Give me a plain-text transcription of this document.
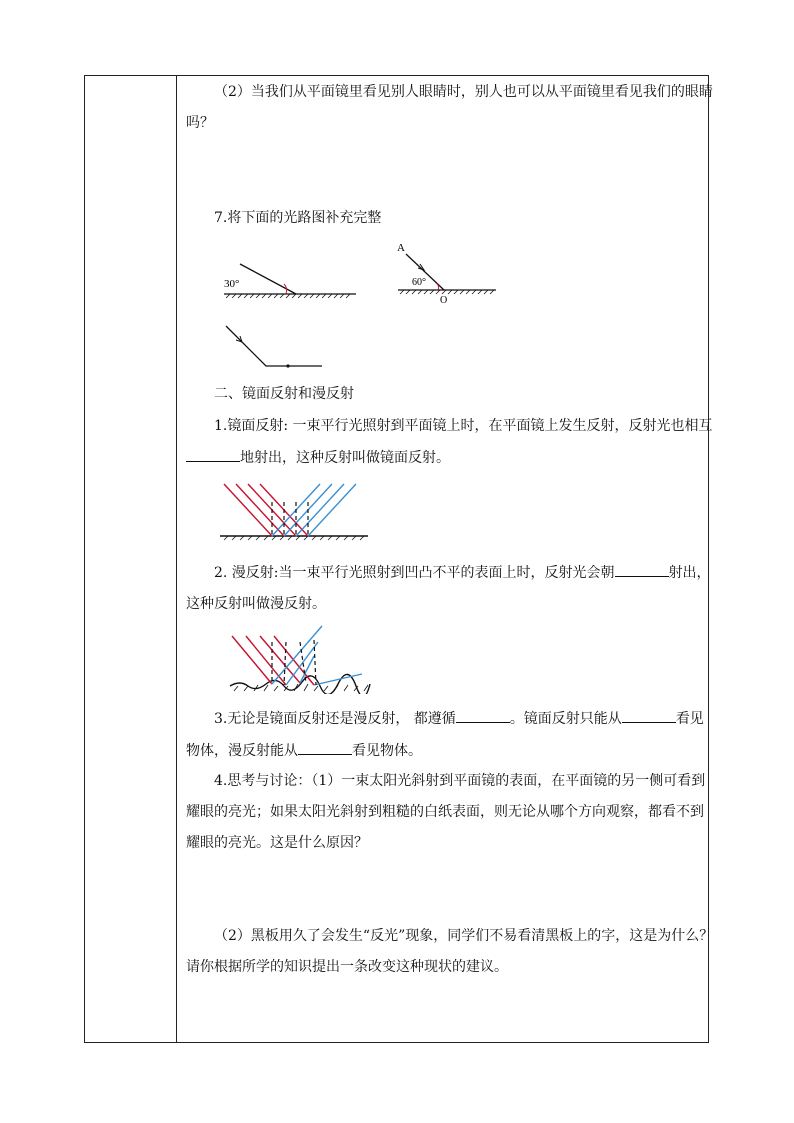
（2）当我们从平面镜里看见别人眼睛时，别人也可以从平面镜里看见我们的眼睛
吗？
7.将下面的光路图补充完整
30°
A
60°
O
二、镜面反射和漫反射
1.镜面反射: 一束平行光照射到平面镜上时，在平面镜上发生反射，反射光也相互
地射出，这种反射叫做镜面反射。
2. 漫反射:当一束平行光照射到凹凸不平的表面上时，反射光会朝	射出，
这种反射叫做漫反射。
3.无论是镜面反射还是漫反射， 都遵循	。镜面反射只能从	看见
物体，漫反射能从	看见物体。
4.思考与讨论：（1）一束太阳光斜射到平面镜的表面，在平面镜的另一侧可看到
耀眼的亮光；如果太阳光斜射到粗糙的白纸表面，则无论从哪个方向观察，都看不到
耀眼的亮光。这是什么原因？
（2）黑板用久了会发生“反光”现象，同学们不易看清黑板上的字，这是为什么？
请你根据所学的知识提出一条改变这种现状的建议。
